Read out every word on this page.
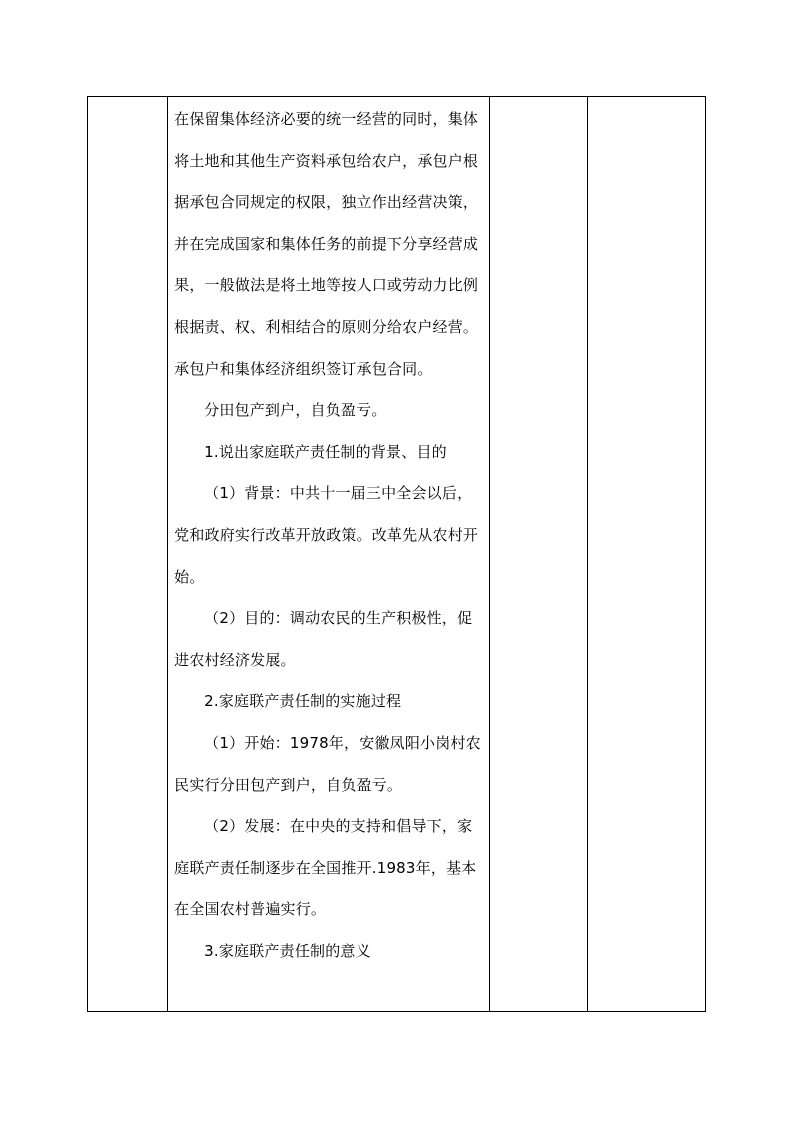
在保留集体经济必要的统一经营的同时，集体将土地和其他生产资料承包给农户，承包户根据承包合同规定的权限，独立作出经营决策，并在完成国家和集体任务的前提下分享经营成果，一般做法是将土地等按人口或劳动力比例根据责、权、利相结合的原则分给农户经营。承包户和集体经济组织签订承包合同。

分田包产到户，自负盈亏。

1.说出家庭联产责任制的背景、目的

（1）背景：中共十一届三中全会以后，党和政府实行改革开放政策。改革先从农村开始。

（2）目的：调动农民的生产积极性，促进农村经济发展。

2.家庭联产责任制的实施过程

（1）开始：1978年，安徽凤阳小岗村农民实行分田包产到户，自负盈亏。

（2）发展：在中央的支持和倡导下，家庭联产责任制逐步在全国推开.1983年，基本在全国农村普遍实行。

3.家庭联产责任制的意义
